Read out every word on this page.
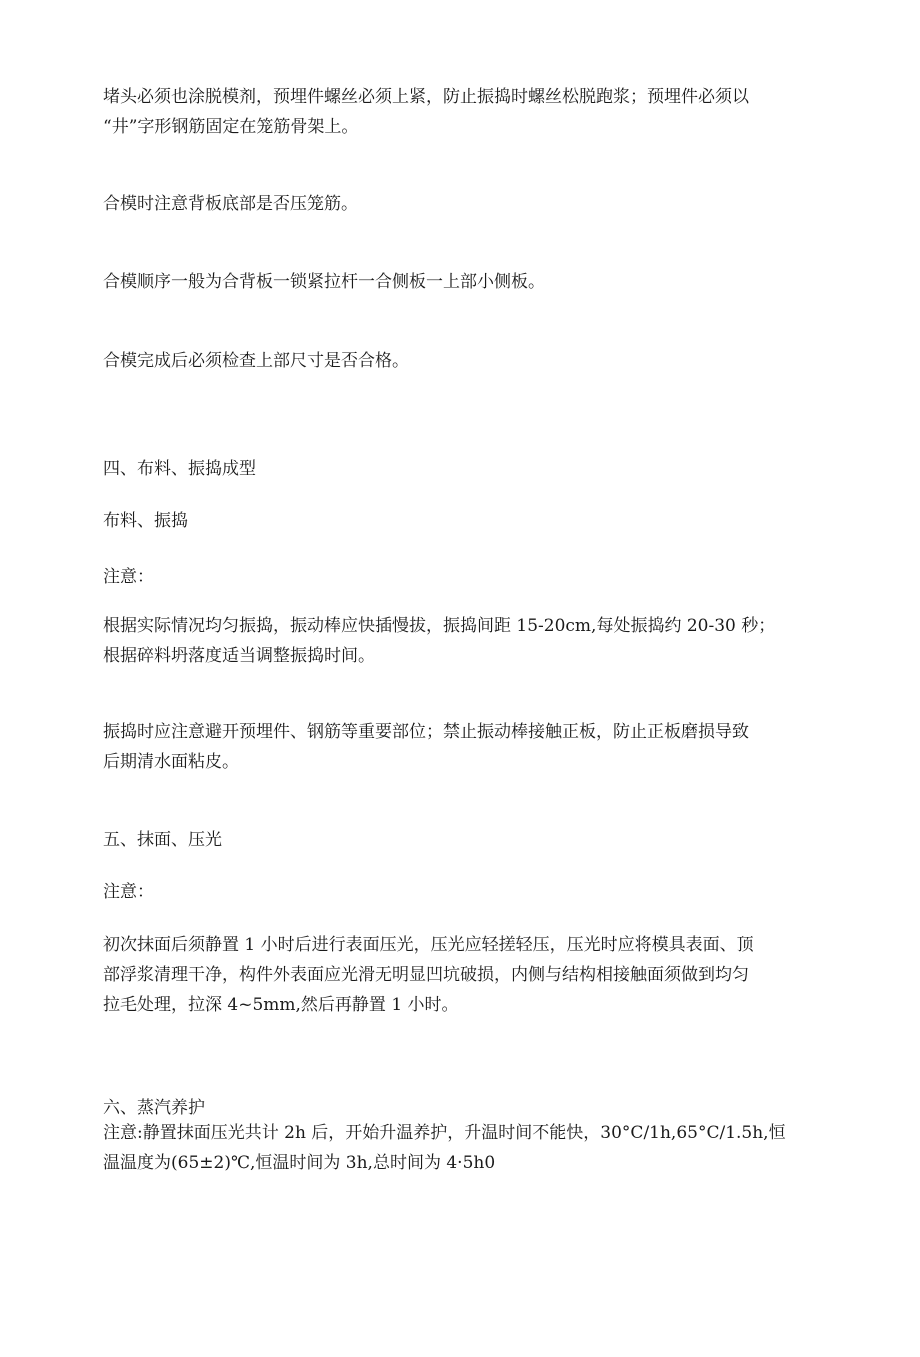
堵头必须也涂脱模剂，预埋件螺丝必须上紧，防止振捣时螺丝松脱跑浆；预埋件必须以
“井”字形钢筋固定在笼筋骨架上。

合模时注意背板底部是否压笼筋。

合模顺序一般为合背板一锁紧拉杆一合侧板一上部小侧板。

合模完成后必须检查上部尺寸是否合格。

四、布料、振捣成型

布料、振捣

注意：

根据实际情况均匀振捣，振动棒应快插慢拔，振捣间距 15-20cm,每处振捣约 20-30 秒；
根据碎料坍落度适当调整振捣时间。

振捣时应注意避开预埋件、钢筋等重要部位；禁止振动棒接触正板，防止正板磨损导致
后期清水面粘皮。

五、抹面、压光

注意：

初次抹面后须静置 1 小时后进行表面压光，压光应轻搓轻压，压光时应将模具表面、顶
部浮浆清理干净，构件外表面应光滑无明显凹坑破损，内侧与结构相接触面须做到均匀
拉毛处理，拉深 4~5mm,然后再静置 1 小时。

六、蒸汽养护

注意:静置抹面压光共计 2h 后，开始升温养护，升温时间不能快，30°C/1h,65°C/1.5h,恒
温温度为(65±2)℃,恒温时间为 3h,总时间为 4·5h0
